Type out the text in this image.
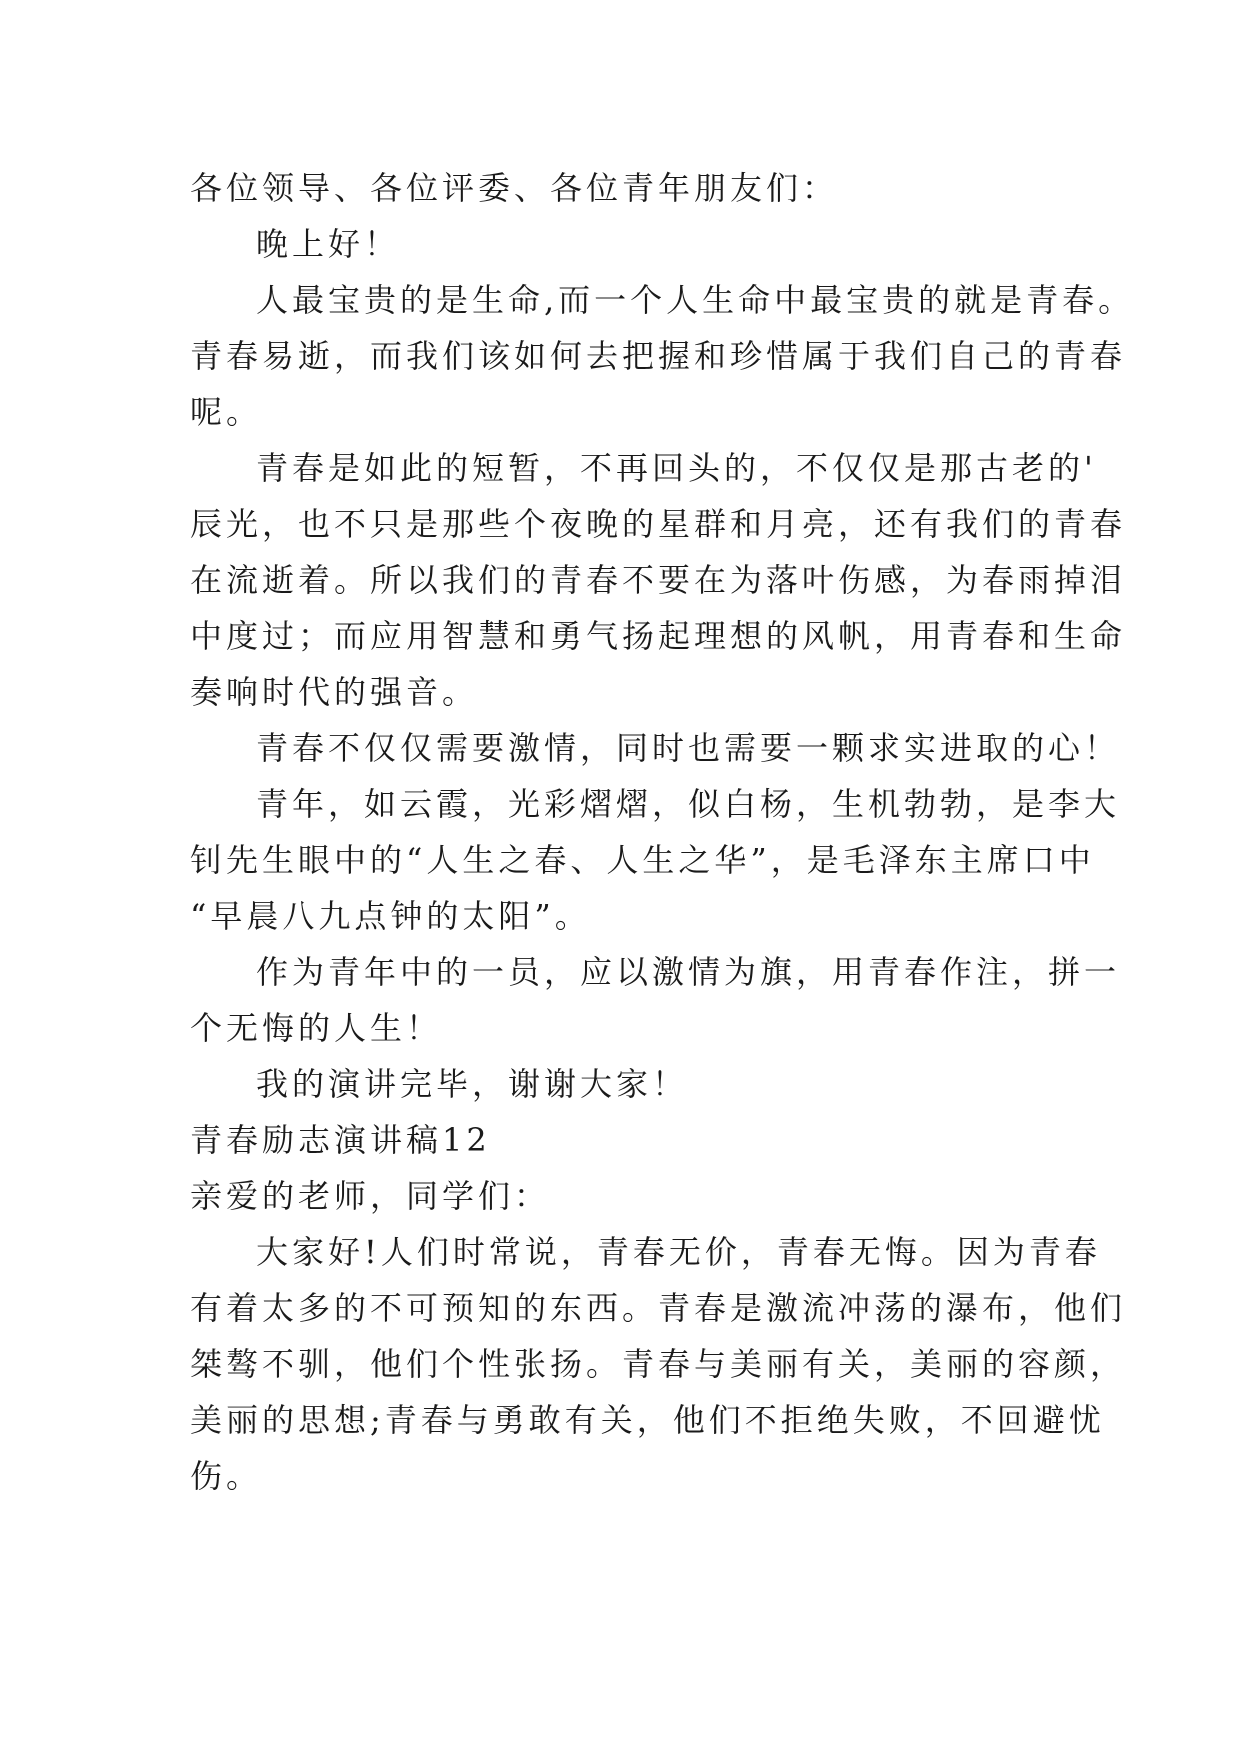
各位领导、各位评委、各位青年朋友们：
晚上好！
人最宝贵的是生命,而一个人生命中最宝贵的就是青春。
青春易逝，而我们该如何去把握和珍惜属于我们自己的青春
呢。
青春是如此的短暂，不再回头的，不仅仅是那古老的'
辰光，也不只是那些个夜晚的星群和月亮，还有我们的青春
在流逝着。所以我们的青春不要在为落叶伤感，为春雨掉泪
中度过；而应用智慧和勇气扬起理想的风帆，用青春和生命
奏响时代的强音。
青春不仅仅需要激情，同时也需要一颗求实进取的心！
青年，如云霞，光彩熠熠，似白杨，生机勃勃，是李大
钊先生眼中的“人生之春、人生之华”，是毛泽东主席口中
“早晨八九点钟的太阳”。
作为青年中的一员，应以激情为旗，用青春作注，拼一
个无悔的人生！
我的演讲完毕，谢谢大家！
青春励志演讲稿12
亲爱的老师，同学们：
大家好!人们时常说，青春无价，青春无悔。因为青春
有着太多的不可预知的东西。青春是激流冲荡的瀑布，他们
桀骜不驯，他们个性张扬。青春与美丽有关，美丽的容颜，
美丽的思想;青春与勇敢有关，他们不拒绝失败，不回避忧
伤。
